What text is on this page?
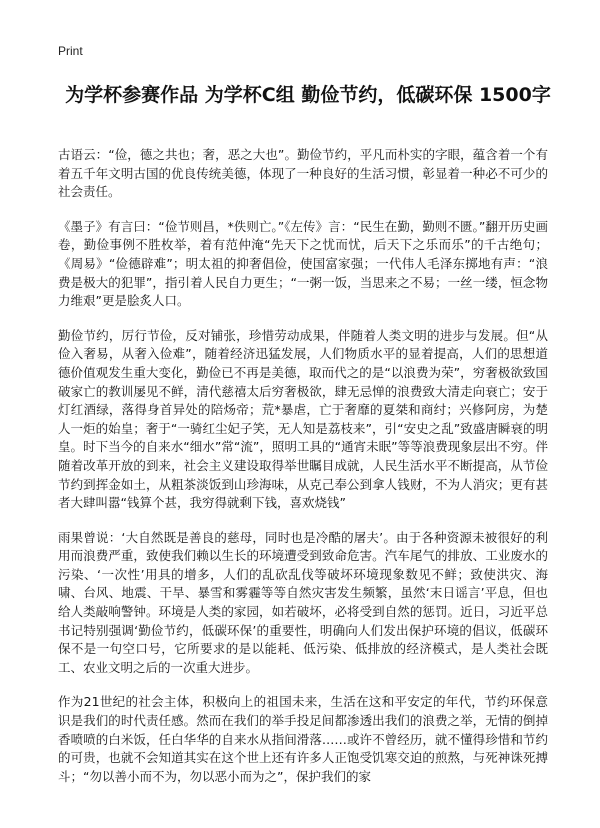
Print
为学杯参赛作品 为学杯C组 勤俭节约，低碳环保 1500字

古语云：“俭，德之共也；奢，恶之大也”。勤俭节约，平凡而朴实的字眼，蕴含着一个有着五千年文明古国的优良传统美德，体现了一种良好的生活习惯，彰显着一种必不可少的社会责任。

《墨子》有言曰：“俭节则昌，*佚则亡。”《左传》言：“民生在勤，勤则不匮。”翻开历史画卷，勤俭事例不胜枚举，着有范仲淹“先天下之忧而忧，后天下之乐而乐”的千古绝句；《周易》“俭德辟难”；明太祖的抑奢倡俭，使国富家强；一代伟人毛泽东掷地有声：“浪费是极大的犯罪”，指引着人民自力更生；“一粥一饭，当思来之不易；一丝一缕，恒念物力维艰”更是脍炙人口。

勤俭节约，厉行节俭，反对铺张，珍惜劳动成果，伴随着人类文明的进步与发展。但“从俭入奢易，从奢入俭难”，随着经济迅猛发展，人们物质水平的显着提高，人们的思想道德价值观发生重大变化，勤俭已不再是美德，取而代之的是“以浪费为荣”，穷奢极欲致国破家亡的教训屡见不鲜，清代慈禧太后穷奢极欲，肆无忌惮的浪费致大清走向衰亡；安于灯红酒绿，落得身首异处的陪炀帝；荒*暴虐，亡于奢靡的夏桀和商纣；兴修阿房，为楚人一炬的始皇；奢于“一骑红尘妃子笑，无人知是荔枝来”，引“安史之乱”致盛唐瞬衰的明皇。时下当今的自来水“细水”常“流”，照明工具的“通宵未眠”等等浪费现象层出不穷。伴随着改革开放的到来，社会主义建设取得举世瞩目成就，人民生活水平不断提高，从节俭节约到挥金如土，从粗茶淡饭到山珍海味，从克己奉公到拿人钱财，不为人消灾；更有甚者大肆叫嚣“钱算个甚，我穷得就剩下钱，喜欢烧钱”

雨果曾说：‘大自然既是善良的慈母，同时也是冷酷的屠夫’。由于各种资源未被很好的利用而浪费严重，致使我们赖以生长的环境遭受到致命危害。汽车尾气的排放、工业废水的污染、‘一次性’用具的增多，人们的乱砍乱伐等破坏环境现象数见不鲜；致使洪灾、海啸、台风、地震、干旱、暴雪和雾霾等等自然灾害发生频繁，虽然‘末日谣言’平息，但也给人类敲响警钟。环境是人类的家园，如若破坏，必将受到自然的惩罚。近日，习近平总书记特别强调‘勤俭节约，低碳环保’的重要性，明确向人们发出保护环境的倡议，低碳环保不是一句空口号，它所要求的是以能耗、低污染、低排放的经济模式，是人类社会既工、农业文明之后的一次重大进步。

作为21世纪的社会主体，积极向上的祖国未来，生活在这和平安定的年代，节约环保意识是我们的时代责任感。然而在我们的举手投足间都渗透出我们的浪费之举，无情的倒掉香喷喷的白米饭，任白华华的自来水从指间滑落……或许不曾经历，就不懂得珍惜和节约的可贵，也就不会知道其实在这个世上还有许多人正饱受饥寒交迫的煎熬，与死神诛死搏斗；“勿以善小而不为，勿以恶小而为之”，保护我们的家
